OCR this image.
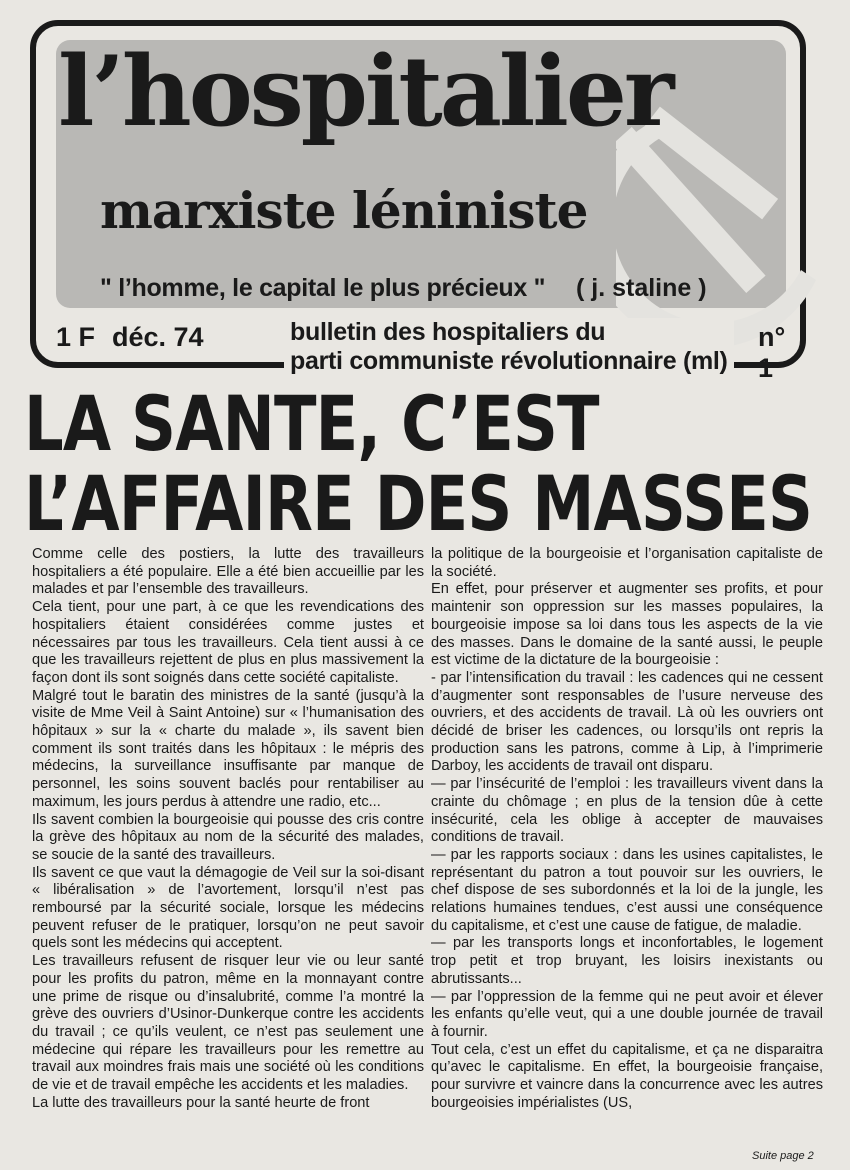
l’hospitalier
marxiste léniniste
" l’homme, le capital le plus précieux " ( j. staline )
1 F déc. 74	bulletin des hospitaliers du
parti communiste révolutionnaire (ml)
n° 1
LA SANTE, C’EST
L’AFFAIRE DES MASSES

Comme celle des postiers, la lutte des travailleurs hospitaliers a été populaire. Elle a été bien accueillie par les malades et par l’ensemble des travailleurs.

Cela tient, pour une part, à ce que les revendications des hospitaliers étaient considérées comme justes et nécessaires par tous les travailleurs. Cela tient aussi à ce que les travailleurs rejettent de plus en plus massivement la façon dont ils sont soignés dans cette société capitaliste.

Malgré tout le baratin des ministres de la santé (jusqu’à la visite de Mme Veil à Saint Antoine) sur « l’humanisation des hôpitaux » sur la « charte du malade », ils savent bien comment ils sont traités dans les hôpitaux : le mépris des médecins, la surveillance insuffisante par manque de personnel, les soins souvent baclés pour rentabiliser au maximum, les jours perdus à attendre une radio, etc...

Ils savent combien la bourgeoisie qui pousse des cris contre la grève des hôpitaux au nom de la sécurité des malades, se soucie de la santé des travailleurs.

Ils savent ce que vaut la démagogie de Veil sur la soi-disant « libéralisation » de l’avortement, lorsqu’il n’est pas remboursé par la sécurité sociale, lorsque les médecins peuvent refuser de le pratiquer, lorsqu’on ne peut savoir quels sont les médecins qui acceptent.

Les travailleurs refusent de risquer leur vie ou leur santé pour les profits du patron, même en la monnayant contre une prime de risque ou d’insalubrité, comme l’a montré la grève des ouvriers d’Usinor-Dunkerque contre les accidents du travail ; ce qu’ils veulent, ce n’est pas seulement une médecine qui répare les travailleurs pour les remettre au travail aux moindres frais mais une société où les conditions de vie et de travail empêche les accidents et les maladies.

La lutte des travailleurs pour la santé heurte de front

la politique de la bourgeoisie et l’organisation capitaliste de la société.

En effet, pour préserver et augmenter ses profits, et pour maintenir son oppression sur les masses populaires, la bourgeoisie impose sa loi dans tous les aspects de la vie des masses. Dans le domaine de la santé aussi, le peuple est victime de la dictature de la bourgeoisie :

- par l’intensification du travail : les cadences qui ne cessent d’augmenter sont responsables de l’usure nerveuse des ouvriers, et des accidents de travail. Là où les ouvriers ont décidé de briser les cadences, ou lorsqu’ils ont repris la production sans les patrons, comme à Lip, à l’imprimerie Darboy, les accidents de travail ont disparu.

— par l’insécurité de l’emploi : les travailleurs vivent dans la crainte du chômage ; en plus de la tension dûe à cette insécurité, cela les oblige à accepter de mauvaises conditions de travail.

— par les rapports sociaux : dans les usines capitalistes, le représentant du patron a tout pouvoir sur les ouvriers, le chef dispose de ses subordonnés et la loi de la jungle, les relations humaines tendues, c’est aussi une conséquence du capitalisme, et c’est une cause de fatigue, de maladie.

— par les transports longs et inconfortables, le logement trop petit et trop bruyant, les loisirs inexistants ou abrutissants...

— par l’oppression de la femme qui ne peut avoir et élever les enfants qu’elle veut, qui a une double journée de travail à fournir.

Tout cela, c’est un effet du capitalisme, et ça ne disparaitra qu’avec le capitalisme. En effet, la bourgeoisie française, pour survivre et vaincre dans la concurrence avec les autres bourgeoisies impérialistes (US,

Suite page 2
